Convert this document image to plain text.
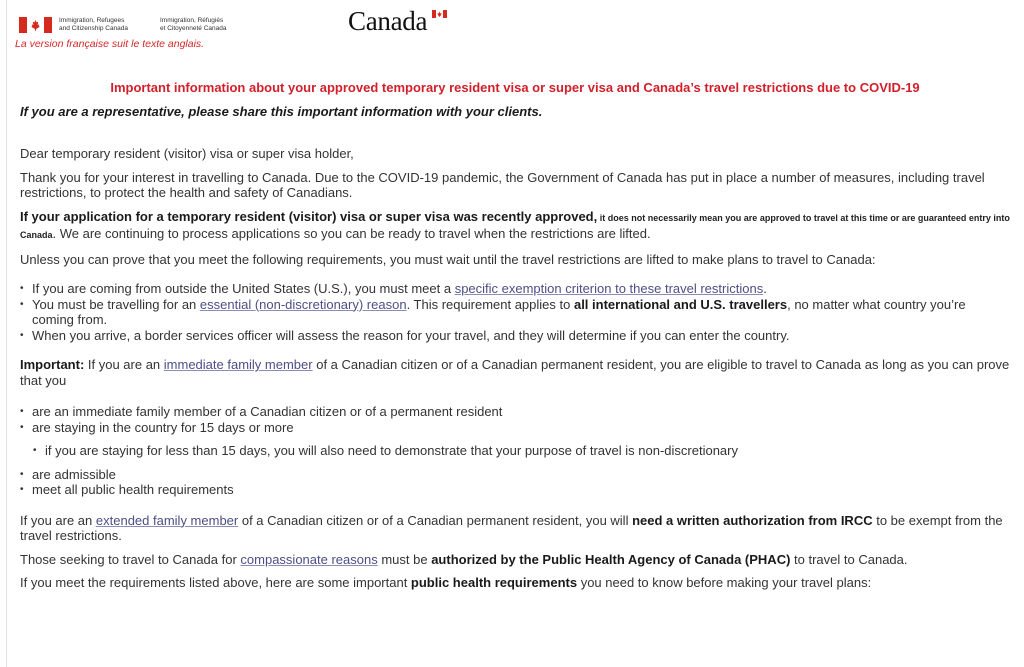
Immigration, Refugees
and Citizenship Canada
Immigration, Réfugiés
et Citoyenneté Canada
La version française suit le texte anglais.
Canada
Important information about your approved temporary resident visa or super visa and Canada’s travel restrictions due to COVID-19
If you are a representative, please share this important information with your clients.

Dear temporary resident (visitor) visa or super visa holder,

Thank you for your interest in travelling to Canada. Due to the COVID-19 pandemic, the Government of Canada has put in place a number of measures, including travel restrictions, to protect the health and safety of Canadians.

If your application for a temporary resident (visitor) visa or super visa was recently approved, it does not necessarily mean you are approved to travel at this time or are guaranteed entry into Canada. We are continuing to process applications so you can be ready to travel when the restrictions are lifted.

Unless you can prove that you meet the following requirements, you must wait until the travel restrictions are lifted to make plans to travel to Canada:

• If you are coming from outside the United States (U.S.), you must meet a specific exemption criterion to these travel restrictions.
• You must be travelling for an essential (non-discretionary) reason. This requirement applies to all international and U.S. travellers, no matter what country you’re coming from.
• When you arrive, a border services officer will assess the reason for your travel, and they will determine if you can enter the country.

Important: If you are an immediate family member of a Canadian citizen or of a Canadian permanent resident, you are eligible to travel to Canada as long as you can prove that you

• are an immediate family member of a Canadian citizen or of a permanent resident
• are staying in the country for 15 days or more
• if you are staying for less than 15 days, you will also need to demonstrate that your purpose of travel is non-discretionary
• are admissible
• meet all public health requirements

If you are an extended family member of a Canadian citizen or of a Canadian permanent resident, you will need a written authorization from IRCC to be exempt from the travel restrictions.

Those seeking to travel to Canada for compassionate reasons must be authorized by the Public Health Agency of Canada (PHAC) to travel to Canada.

If you meet the requirements listed above, here are some important public health requirements you need to know before making your travel plans:
